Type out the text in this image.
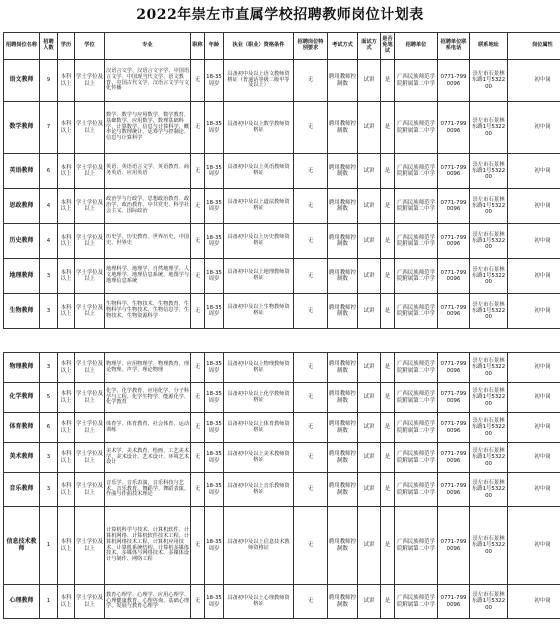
2022年崇左市直属学校招聘教师岗位计划表
招聘岗位名称	招聘人数	学历	学位	专业	职称	年龄	执业（职业）资格条件	招聘岗位特别要求	考试方式	面试方式	是否免笔试	招聘单位	招聘单位联系电话	联系地址	岗位属性
语文教师	9	本科以上	学士学位及以上	汉语言文学、汉语言文字学、中国语言文学、中国现当代文学、语文教育、中国古代文学、汉语言文学与文化传播	无	18-35周岁	具备初中及以上语文教师资格证（普通话等级二级甲等及以上）	无	聘用教师控制数	试讲	是	广西民族师范学院附属第二中学	0771-7990096	崇左市石景林东路1号532200	初中岗
数学教师	7	本科以上	学士学位及以上	数学、数学与应用数学、数学教育、基础数学、应用数学、数理基础科学、计算数学、信息与计算科学、概率论与数理统计、运筹学与控制论、信息与计算科学	无	18-35周岁	具备初中及以上数学教师资格证	无	聘用教师控制数	试讲	是	广西民族师范学院附属第二中学	0771-7990096	崇左市石景林东路1号532200	初中岗
英语教师	6	本科以上	学士学位及以上	英语、英语语言文学、英语教育、商务英语、应用英语	无	18-35周岁	具备初中及以上英语教师资格证	无	聘用教师控制数	试讲	是	广西民族师范学院附属第二中学	0771-7990096	崇左市石景林东路1号532200	初中岗
思政教师	4	本科以上	学士学位及以上	政治学与行政学、思想政治教育、政治学、政治教育、中共党史、科学社会主义、国际政治	无	18-35周岁	具备初中及以上道法教师资格证	无	聘用教师控制数	试讲	是	广西民族师范学院附属第二中学	0771-7990096	崇左市石景林东路1号532200	初中岗
历史教师	4	本科以上	学士学位及以上	历史学、历史教育、世界历史、中国史、世界史	无	18-35周岁	具备初中及以上历史教师资格证	无	聘用教师控制数	试讲	是	广西民族师范学院附属第二中学	0771-7990096	崇左市石景林东路1号532200	初中岗
地理教师	3	本科以上	学士学位及以上	地理科学、地理学、自然地理学、人文地理学、地理信息系统、地图学与地理信息系统	无	18-35周岁	具备初中及以上地理教师资格证	无	聘用教师控制数	试讲	是	广西民族师范学院附属第二中学	0771-7990096	崇左市石景林东路1号532200	初中岗
生物教师	3	本科以上	学士学位及以上	生物科学、生物技术、生物教育、生物科学与生物技术、生物信息学、生物技术、生物资源科学	无	18-35周岁	具备初中及以上生物教师资格证	无	聘用教师控制数	试讲	是	广西民族师范学院附属第二中学	0771-7990096	崇左市石景林东路1号532200	初中岗
物理教师	3	本科以上	学士学位及以上	物理学、应用物理学、物理教育、理论物理、声学、理论物理	无	18-35周岁	具备初中及以上物理教师资格证	无	聘用教师控制数	试讲	是	广西民族师范学院附属第二中学	0771-7990096	崇左市石景林东路1号532200	初中岗
化学教师	5	本科以上	学士学位及以上	化学、化学教育、应用化学、分子科学与工程、化学生物学、能源化学、化学教育	无	18-35周岁	具备初中及以上化学教师资格证	无	聘用教师控制数	试讲	是	广西民族师范学院附属第二中学	0771-7990096	崇左市石景林东路1号532200	初中岗
体育教师	6	本科以上	学士学位及以上	体育学、体育教育、社会体育、运动训练	无	18-35周岁	具备初中及以上体育教师资格证	无	聘用教师控制数	试讲	是	广西民族师范学院附属第二中学	0771-7990096	崇左市石景林东路1号532200	初中岗
美术教师	3	本科以上	学士学位及以上	美术学、美术教育、绘画、工艺美术学、美术设计、艺术设计、环境艺术设计	无	18-35周岁	具备初中及以上美术教师资格证	无	聘用教师控制数	试讲	是	广西民族师范学院附属第二中学	0771-7990096	崇左市石景林东路1号532200	初中岗
音乐教师	3	本科以上	学士学位及以上	音乐学、音乐表演、音乐科技与艺术、音乐教育、舞蹈学、舞蹈表演、作曲与作曲技术理论	无	18-35周岁	具备初中及以上音乐教师资格证	无	聘用教师控制数	试讲	是	广西民族师范学院附属第二中学	0771-7990096	崇左市石景林东路1号532200	初中岗
信息技术教师	1	本科以上	学士学位及以上	计算机科学与技术、计算机软件、计算机网络、计算机软件技术工程、计算机网络技术工程、计算机应用技术、计算机系统结构、计算机多媒体技术、多媒体与网络技术、多媒体设计与制作、网络工程	无	18-35周岁	具备初中及以上信息技术教师资格证	无	聘用教师控制数	试讲	是	广西民族师范学院附属第二中学	0771-7990096	崇左市石景林东路1号532200	初中岗
心理教师	1	本科以上	学士学位及以上	教育心理学、心理学、应用心理学、心理健康教育、心理咨询、基础心理学、发展与教育心理学	无	18-35周岁	具备初中及以上心理教师资格证	无	聘用教师控制数	试讲	是	广西民族师范学院附属第二中学	0771-7990096	崇左市石景林东路1号532200	初中岗
